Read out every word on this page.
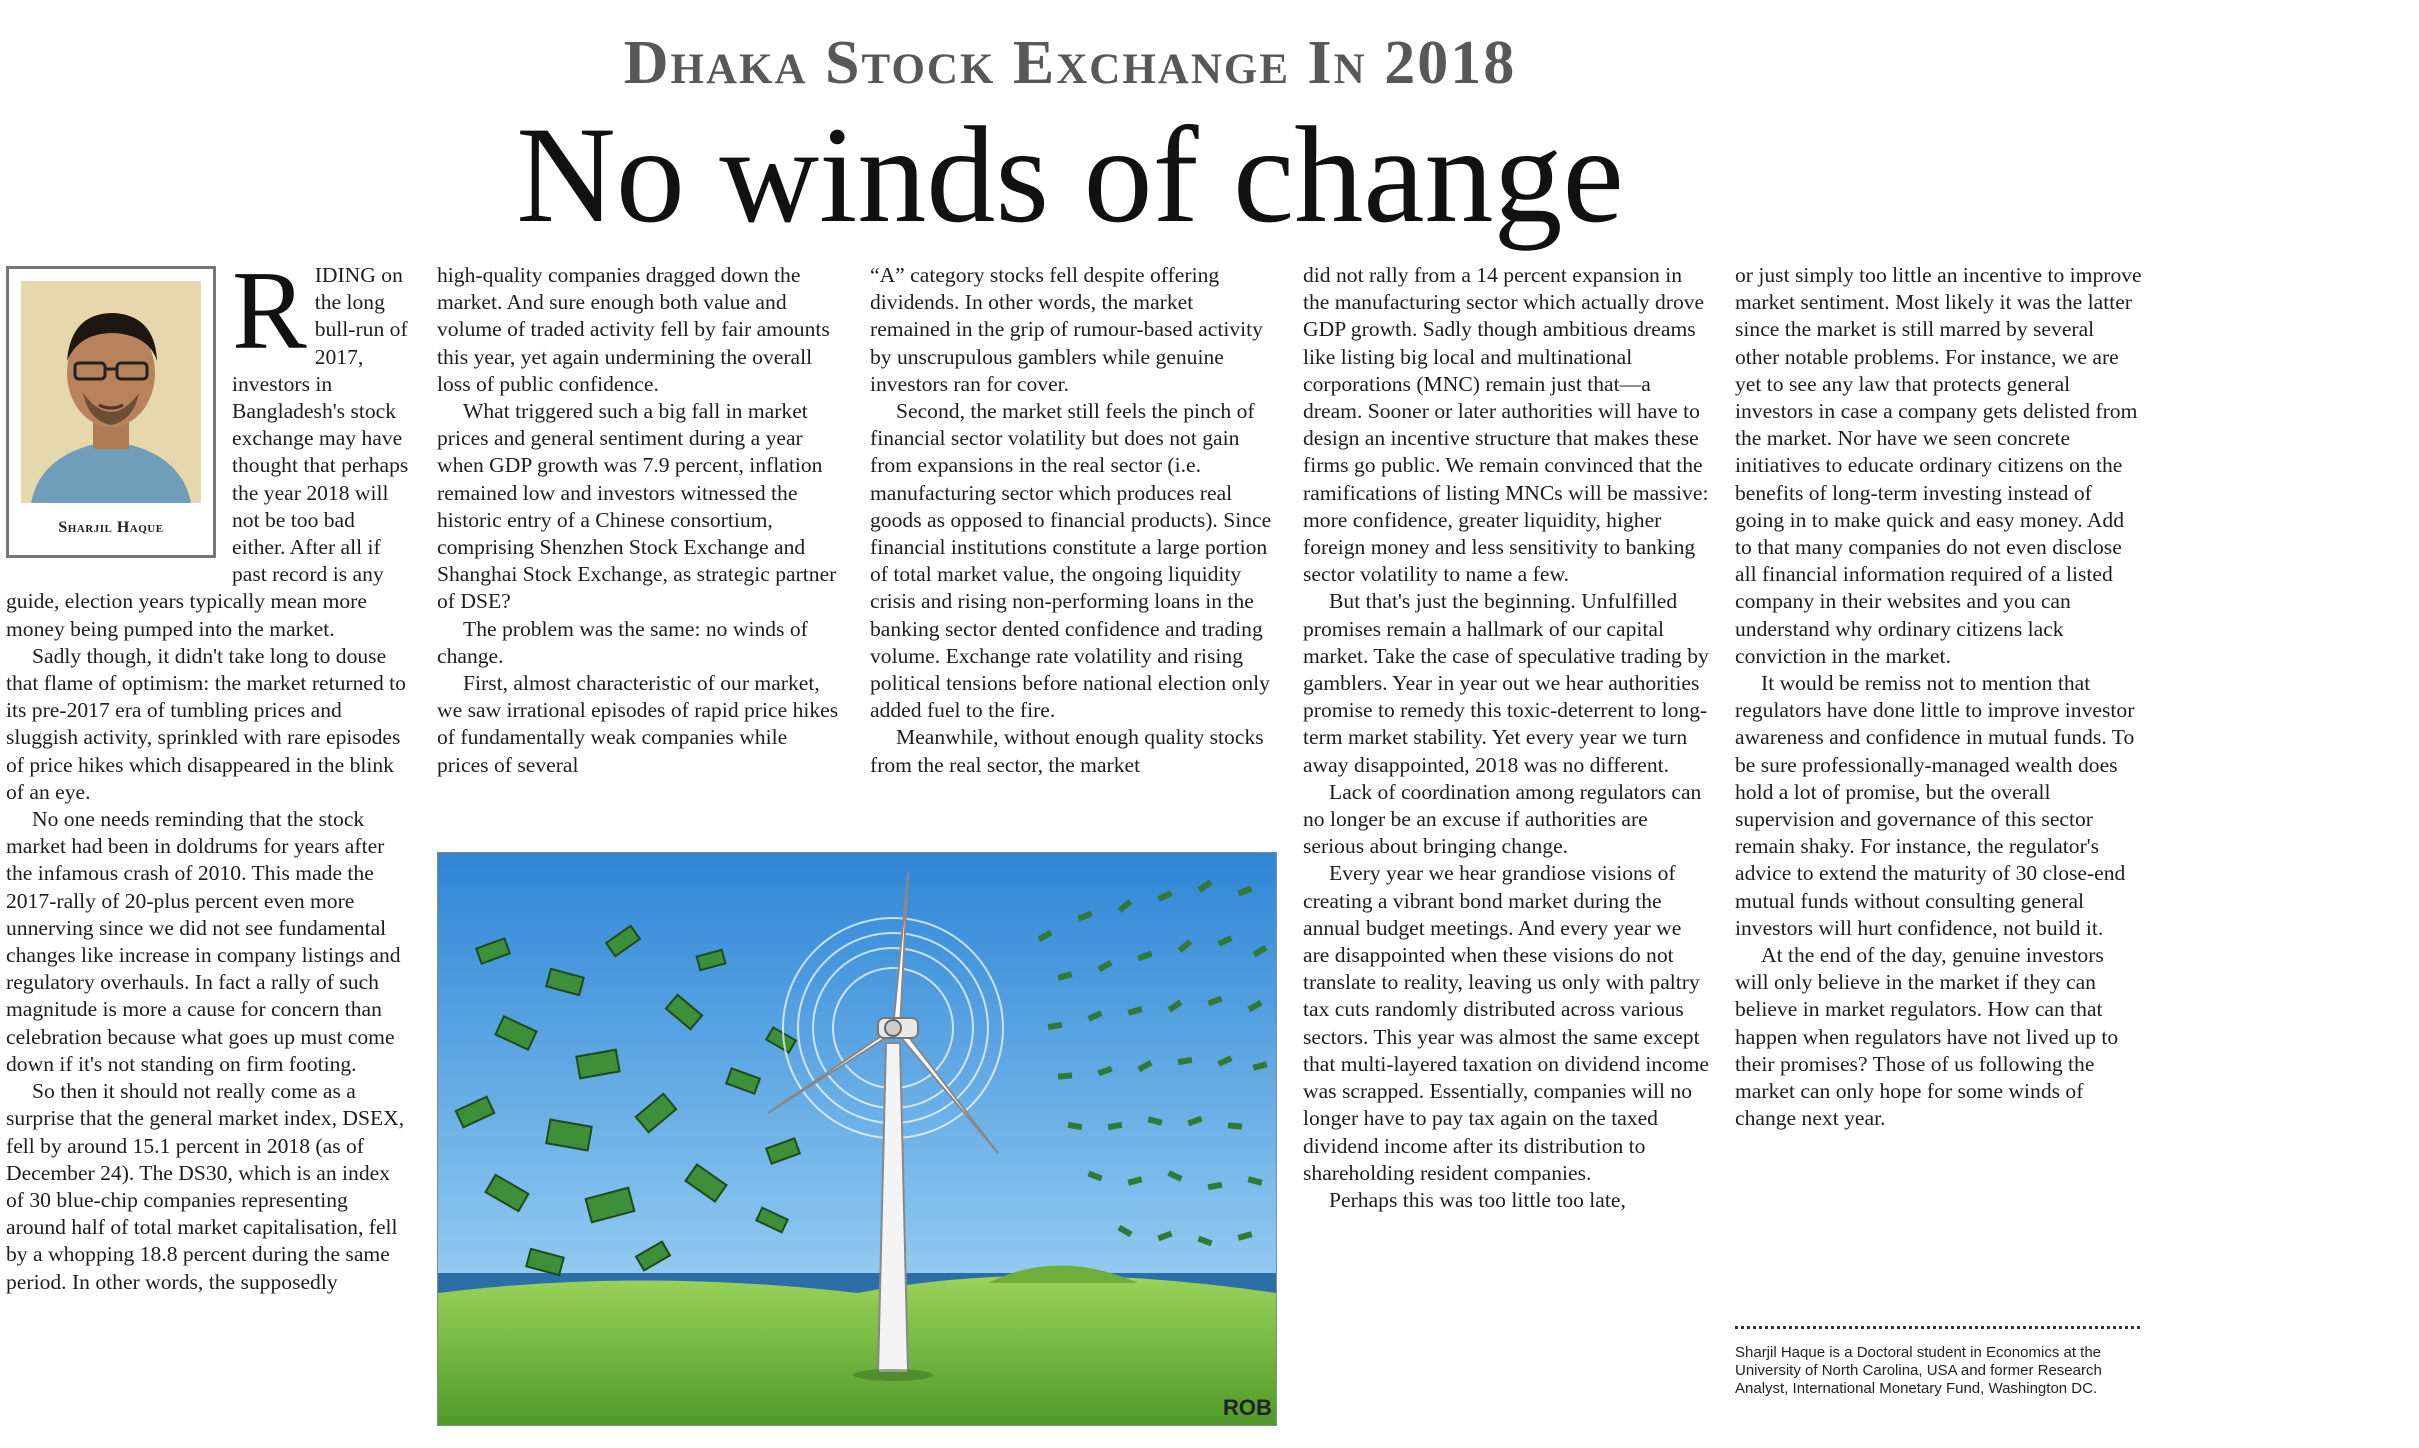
Dhaka Stock Exchange In 2018
No winds of change
Sharjil Haque

RIDING on the long bull-run of 2017, investors in Bangladesh's stock exchange may have thought that perhaps the year 2018 will not be too bad either. After all if past record is any guide, election years typically mean more money being pumped into the market.

Sadly though, it didn't take long to douse that flame of optimism: the market returned to its pre-2017 era of tumbling prices and sluggish activity, sprinkled with rare episodes of price hikes which disappeared in the blink of an eye.

No one needs reminding that the stock market had been in doldrums for years after the infamous crash of 2010. This made the 2017-rally of 20-plus percent even more unnerving since we did not see fundamental changes like increase in company listings and regulatory overhauls. In fact a rally of such magnitude is more a cause for concern than celebration because what goes up must come down if it's not standing on firm footing.

So then it should not really come as a surprise that the general market index, DSEX, fell by around 15.1 percent in 2018 (as of December 24). The DS30, which is an index of 30 blue-chip companies representing around half of total market capitalisation, fell by a whopping 18.8 percent during the same period. In other words, the supposedly

high-quality companies dragged down the market. And sure enough both value and volume of traded activity fell by fair amounts this year, yet again undermining the overall loss of public confidence.

What triggered such a big fall in market prices and general sentiment during a year when GDP growth was 7.9 percent, inflation remained low and investors witnessed the historic entry of a Chinese consortium, comprising Shenzhen Stock Exchange and Shanghai Stock Exchange, as strategic partner of DSE?

The problem was the same: no winds of change.

First, almost characteristic of our market, we saw irrational episodes of rapid price hikes of fundamentally weak companies while prices of several

“A” category stocks fell despite offering dividends. In other words, the market remained in the grip of rumour-based activity by unscrupulous gamblers while genuine investors ran for cover.

Second, the market still feels the pinch of financial sector volatility but does not gain from expansions in the real sector (i.e. manufacturing sector which produces real goods as opposed to financial products). Since financial institutions constitute a large portion of total market value, the ongoing liquidity crisis and rising non-performing loans in the banking sector dented confidence and trading volume. Exchange rate volatility and rising political tensions before national election only added fuel to the fire.

Meanwhile, without enough quality stocks from the real sector, the market

did not rally from a 14 percent expansion in the manufacturing sector which actually drove GDP growth. Sadly though ambitious dreams like listing big local and multinational corporations (MNC) remain just that—a dream. Sooner or later authorities will have to design an incentive structure that makes these firms go public. We remain convinced that the ramifications of listing MNCs will be massive: more confidence, greater liquidity, higher foreign money and less sensitivity to banking sector volatility to name a few.

But that's just the beginning. Unfulfilled promises remain a hallmark of our capital market. Take the case of speculative trading by gamblers. Year in year out we hear authorities promise to remedy this toxic-deterrent to long-term market stability. Yet every year we turn away disappointed, 2018 was no different.

Lack of coordination among regulators can no longer be an excuse if authorities are serious about bringing change.

Every year we hear grandiose visions of creating a vibrant bond market during the annual budget meetings. And every year we are disappointed when these visions do not translate to reality, leaving us only with paltry tax cuts randomly distributed across various sectors. This year was almost the same except that multi-layered taxation on dividend income was scrapped. Essentially, companies will no longer have to pay tax again on the taxed dividend income after its distribution to shareholding resident companies.

Perhaps this was too little too late,

or just simply too little an incentive to improve market sentiment. Most likely it was the latter since the market is still marred by several other notable problems. For instance, we are yet to see any law that protects general investors in case a company gets delisted from the market. Nor have we seen concrete initiatives to educate ordinary citizens on the benefits of long-term investing instead of going in to make quick and easy money. Add to that many companies do not even disclose all financial information required of a listed company in their websites and you can understand why ordinary citizens lack conviction in the market.

It would be remiss not to mention that regulators have done little to improve investor awareness and confidence in mutual funds. To be sure professionally-managed wealth does hold a lot of promise, but the overall supervision and governance of this sector remain shaky. For instance, the regulator's advice to extend the maturity of 30 close-end mutual funds without consulting general investors will hurt confidence, not build it.

At the end of the day, genuine investors will only believe in the market if they can believe in market regulators. How can that happen when regulators have not lived up to their promises? Those of us following the market can only hope for some winds of change next year.

ROB
Sharjil Haque is a Doctoral student in Economics at the University of North Carolina, USA and former Research Analyst, International Monetary Fund, Washington DC.
